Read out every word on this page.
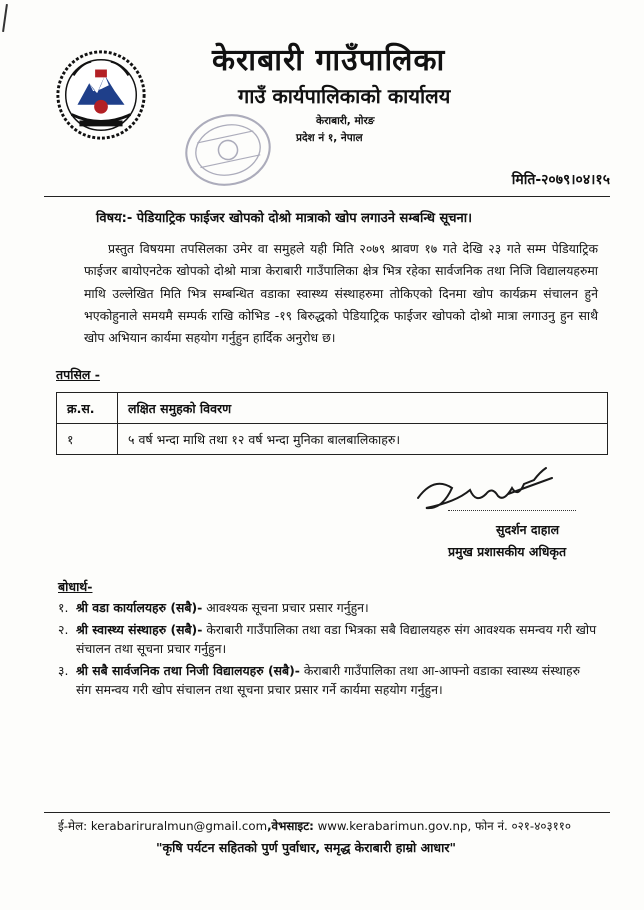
केराबारी गाउँपालिका
गाउँ कार्यपालिकाको कार्यालय
केराबारी, मोरङ
प्रदेश नं १, नेपाल
मिति-२०७९।०४।१५
विषय:- पेडियाट्रिक फाईजर खोपको दोश्रो मात्राको खोप लगाउने सम्बन्धि सूचना।
प्रस्तुत विषयमा तपसिलका उमेर वा समुहले यही मिति २०७९ श्रावण १७ गते देखि २३ गते सम्म पेडियाट्रिक फाईजर बायोएनटेक खोपको दोश्रो मात्रा केराबारी गाउँपालिका क्षेत्र भित्र रहेका सार्वजनिक तथा निजि विद्यालयहरुमा माथि उल्लेखित मिति भित्र सम्बन्धित वडाका स्वास्थ्य संस्थाहरुमा तोकिएको दिनमा खोप कार्यक्रम संचालन हुने भएकोहुनाले समयमै सम्पर्क राखि कोभिड -१९ बिरुद्धको पेडियाट्रिक फाईजर खोपको दोश्रो मात्रा लगाउनु हुन साथै खोप अभियान कार्यमा सहयोग गर्नुहुन हार्दिक अनुरोध छ।
तपसिल -
क्र.स.	लक्षित समुहको विवरण
१	५ वर्ष भन्दा माथि तथा १२ वर्ष भन्दा मुनिका बालबालिकाहरु।
सुदर्शन दाहाल
प्रमुख प्रशासकीय अधिकृत
बोधार्थ-
१. श्री वडा कार्यालयहरु (सबै)- आवश्यक सूचना प्रचार प्रसार गर्नुहुन।
२. श्री स्वास्थ्य संस्थाहरु (सबै)- केराबारी गाउँपालिका तथा वडा भित्रका सबै विद्यालयहरु संग आवश्यक समन्वय गरी खोप संचालन तथा सूचना प्रचार गर्नुहुन।
३. श्री सबै सार्वजनिक तथा निजी विद्यालयहरु (सबै)- केराबारी गाउँपालिका तथा आ-आफ्नो वडाका स्वास्थ्य संस्थाहरु संग समन्वय गरी खोप संचालन तथा सूचना प्रचार प्रसार गर्ने कार्यमा सहयोग गर्नुहुन।
ई-मेल: kerabariruralmun@gmail.com,वेभसाइट: www.kerabarimun.gov.np, फोन नं. ०२१-४०३११०
"कृषि पर्यटन सहितको पुर्ण पुर्वाधार, समृद्ध केराबारी हाम्रो आधार"
